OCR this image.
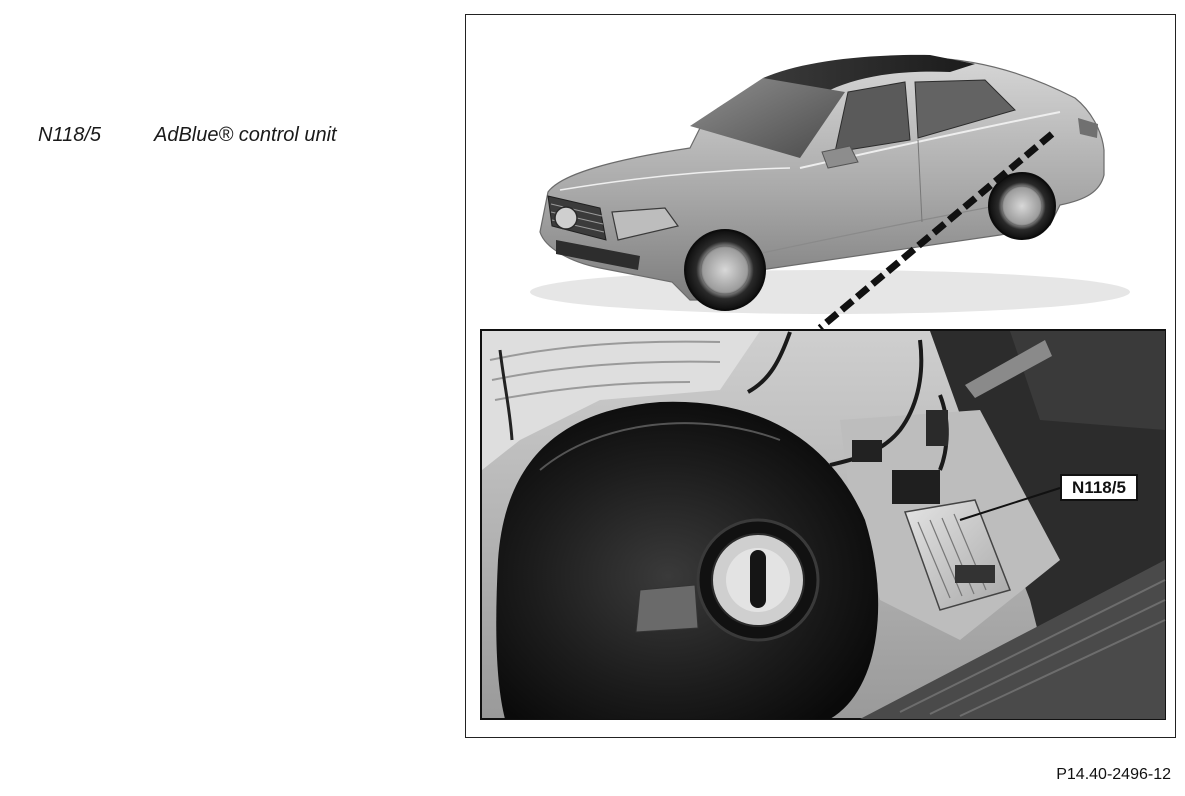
N118/5	AdBlue® control unit
N118/5
P14.40-2496-12
